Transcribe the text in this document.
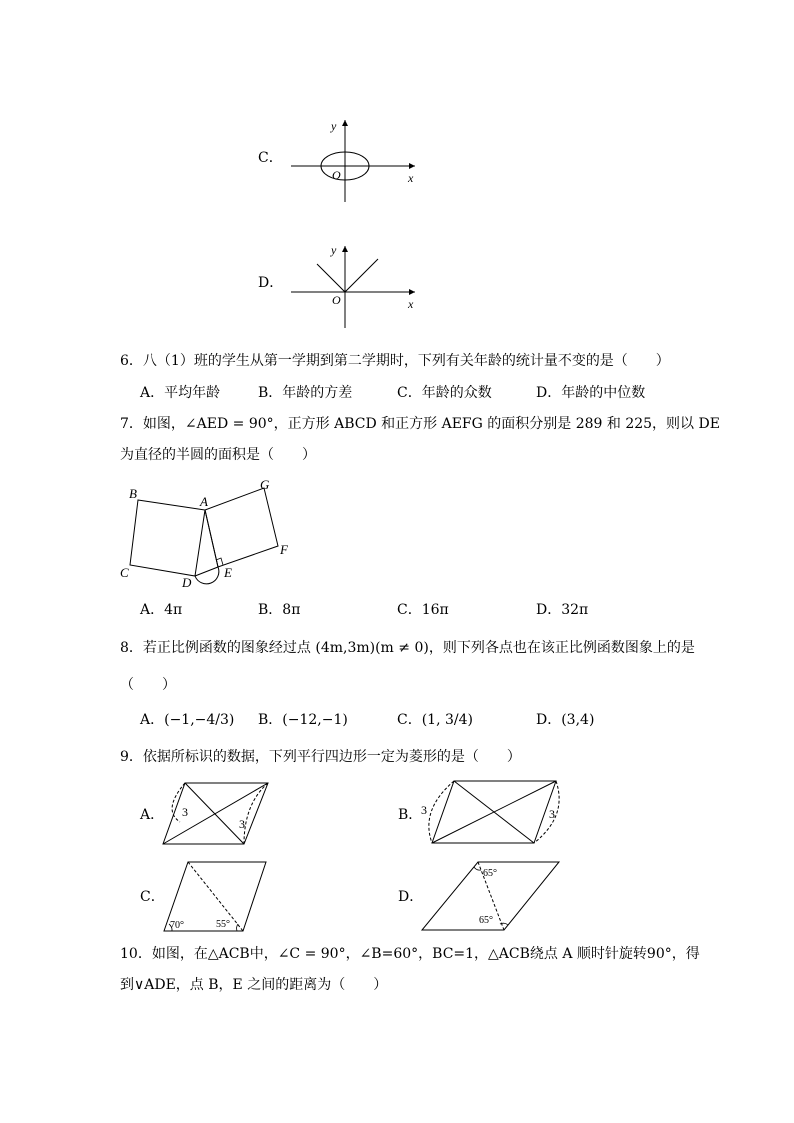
C．
y
x
O
D．
y
x
O
6．八（1）班的学生从第一学期到第二学期时，下列有关年龄的统计量不变的是（　　）
A．平均年龄	B．年龄的方差	C．年龄的众数	D．年龄的中位数
7．如图，∠AED = 90°，正方形 ABCD 和正方形 AEFG 的面积分别是 289 和 225，则以 DE
为直径的半圆的面积是（　　）
B
A
G
F
C
D
E
A．4π	B．8π	C．16π	D．32π
8．若正比例函数的图象经过点 (4m,3m)(m ≠ 0)，则下列各点也在该正比例函数图象上的是
（　　）
A．(−1,−4/3) B．(−12,−1)	C．(1, 3/4)	D．(3,4)
9．依据所标识的数据，下列平行四边形一定为菱形的是（　　）
A． 3
3
B．
3	3
C．
70°	55°
D．
65°
65°
10．如图，在△ACB中，∠C = 90°，∠B=60°，BC=1，△ACB绕点 A 顺时针旋转90°，得
到∨ADE，点 B，E 之间的距离为（　　）
